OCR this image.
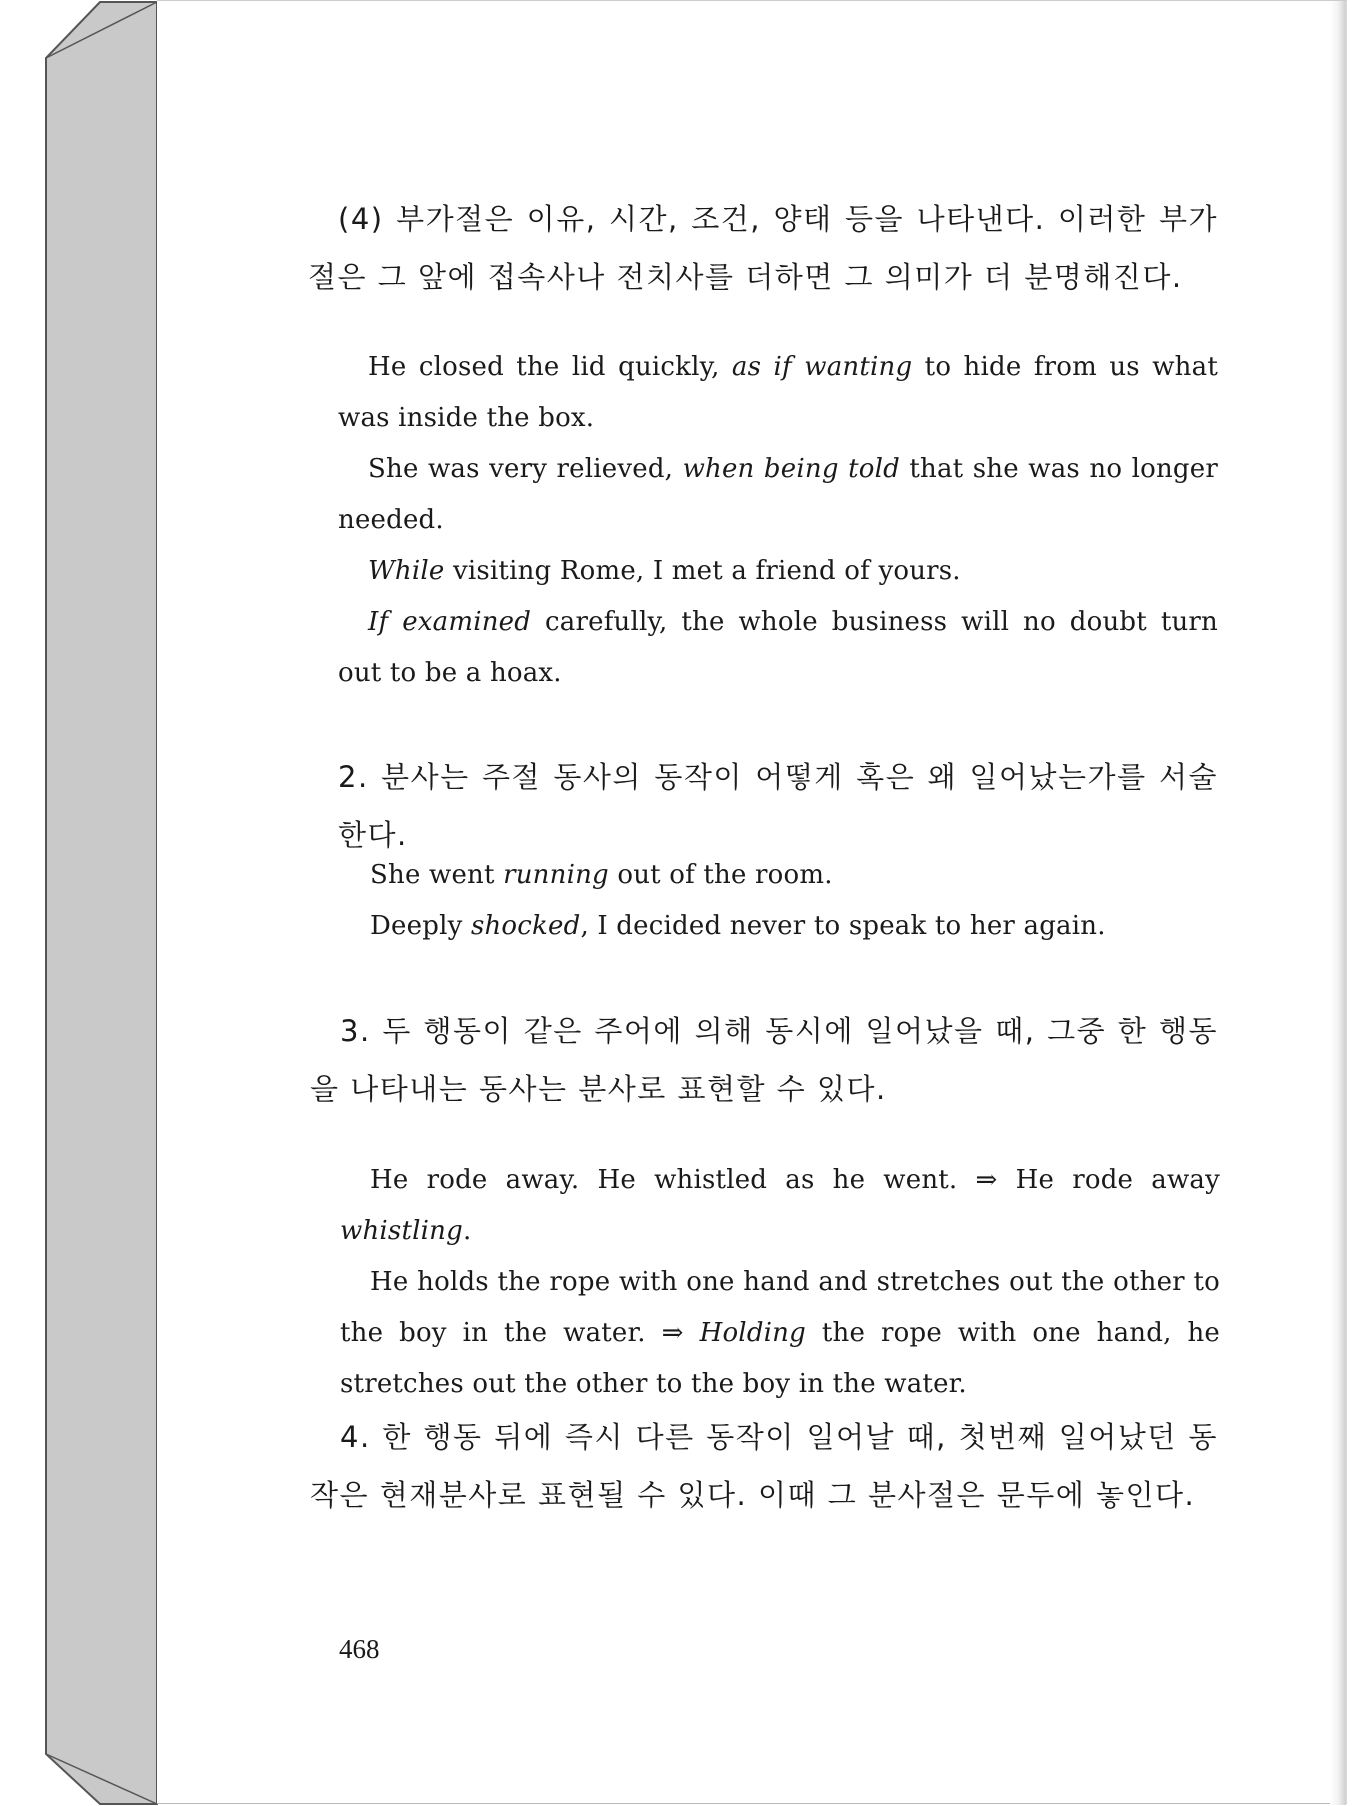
(4) 부가절은 이유, 시간, 조건, 양태 등을 나타낸다. 이러한 부가절은 그 앞에 접속사나 전치사를 더하면 그 의미가 더 분명해진다.

He closed the lid quickly, as if wanting to hide from us what was inside the box.

She was very relieved, when being told that she was no longer needed.

While visiting Rome, I met a friend of yours.

If examined carefully, the whole business will no doubt turn out to be a hoax.

2. 분사는 주절 동사의 동작이 어떻게 혹은 왜 일어났는가를 서술한다.

She went running out of the room.

Deeply shocked, I decided never to speak to her again.

3. 두 행동이 같은 주어에 의해 동시에 일어났을 때, 그중 한 행동을 나타내는 동사는 분사로 표현할 수 있다.

He rode away. He whistled as he went. ⇒ He rode away whistling.

He holds the rope with one hand and stretches out the other to the boy in the water. ⇒ Holding the rope with one hand, he stretches out the other to the boy in the water.

4. 한 행동 뒤에 즉시 다른 동작이 일어날 때, 첫번째 일어났던 동작은 현재분사로 표현될 수 있다. 이때 그 분사절은 문두에 놓인다.
468
